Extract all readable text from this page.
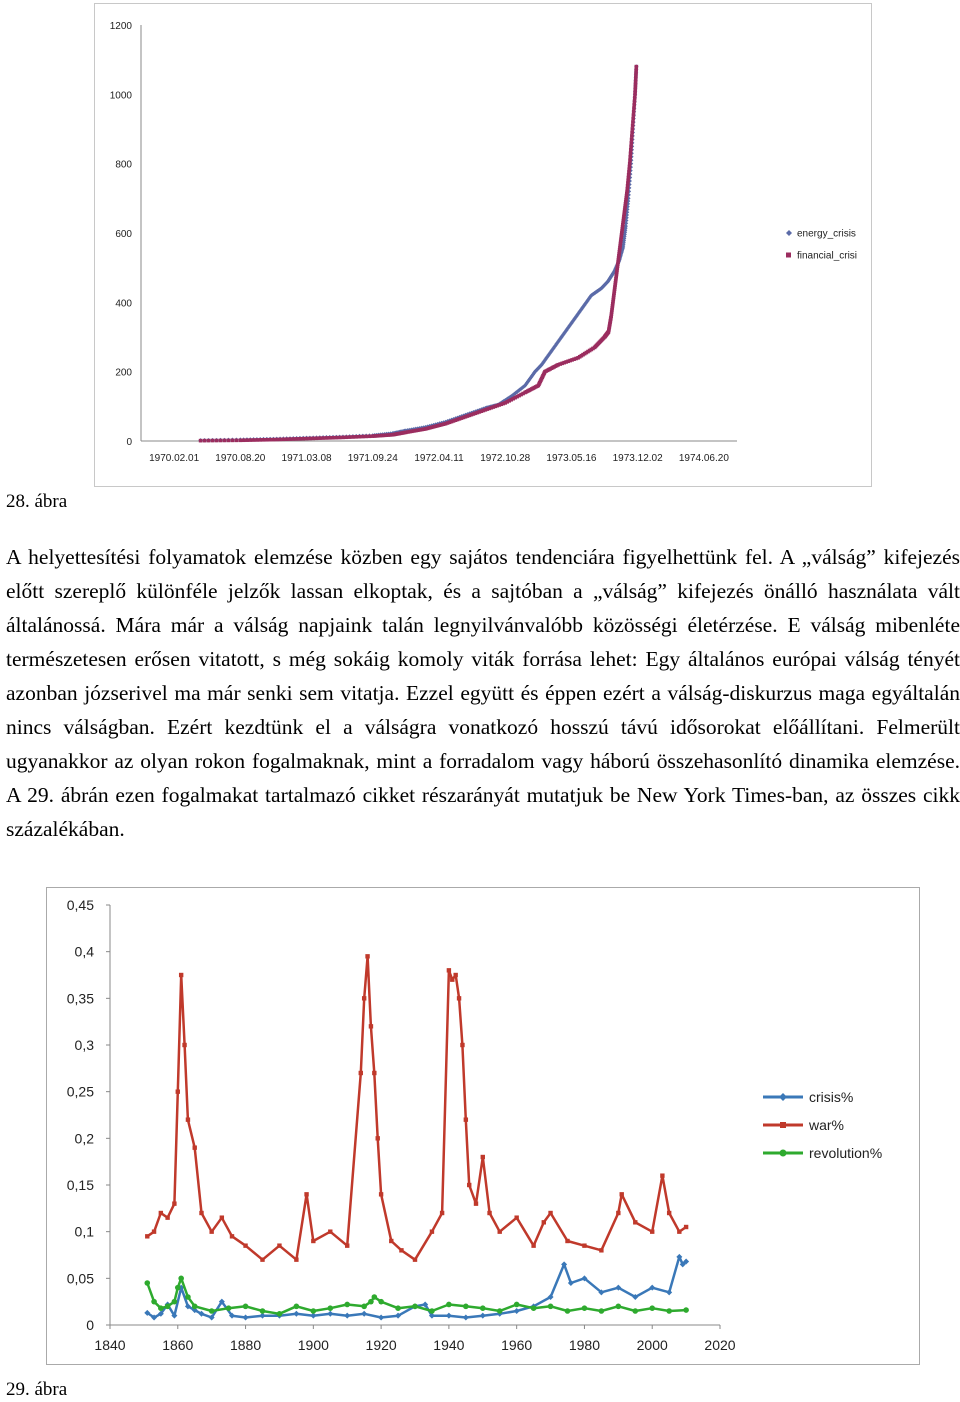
0
200
400
600
800
1000
1200
1970.02.01 1970.08.20 1971.03.08 1971.09.24 1972.04.11 1972.10.28 1973.05.16 1973.12.02 1974.06.20
energy_crisis
financial_crisi
28. ábra
A helyettesítési folyamatok elemzése közben egy sajátos tendenciára figyelhettünk fel. A „válság” kifejezés előtt szereplő különféle jelzők lassan elkoptak, és a sajtóban a „válság” kifejezés önálló használata vált általánossá. Mára már a válság napjaink talán legnyilvánvalóbb közösségi életérzése. E válság mibenléte természetesen erősen vitatott, s még sokáig komoly viták forrása lehet: Egy általános európai válság tényét azonban józserivel ma már senki sem vitatja. Ezzel együtt és éppen ezért a válság-diskurzus maga egyáltalán nincs válságban. Ezért kezdtünk el a válságra vonatkozó hosszú távú idősorokat előállítani. Felmerült ugyanakkor az olyan rokon fogalmaknak, mint a forradalom vagy háború összehasonlító dinamika elemzése. A 29. ábrán ezen fogalmakat tartalmazó cikket részarányát mutatjuk be New York Times-ban, az összes cikk százalékában.
0
0,05
0,1
0,15
0,2
0,25
0,3
0,35
0,4
0,45
1840	1860	1880	1900	1920	1940	1960	1980	2000	2020
crisis%
war%
revolution%
29. ábra
